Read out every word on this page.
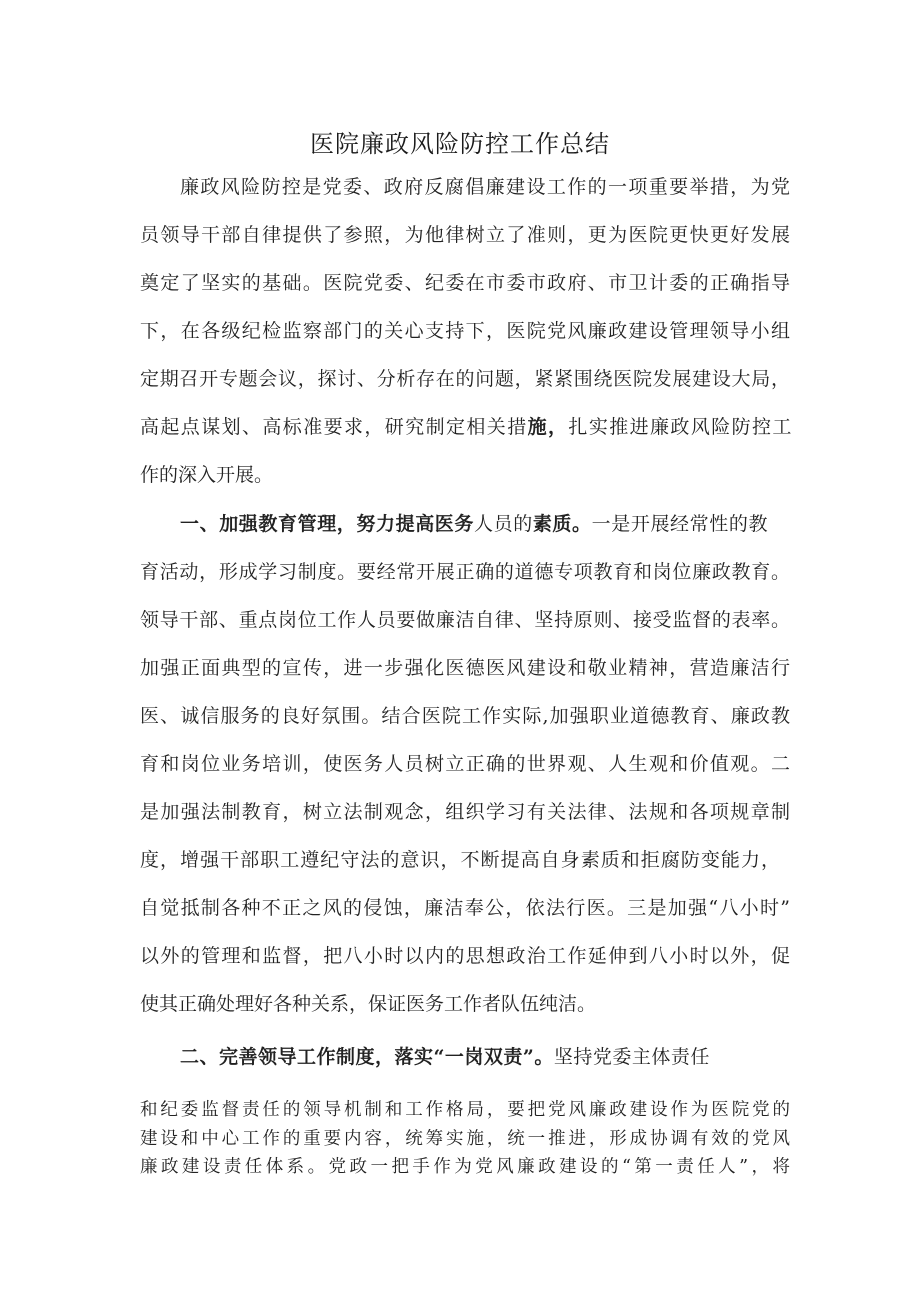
医院廉政风险防控工作总结
廉政风险防控是党委、政府反腐倡廉建设工作的一项重要举措，为党
员领导干部自律提供了参照，为他律树立了准则，更为医院更快更好发展
奠定了坚实的基础。医院党委、纪委在市委市政府、市卫计委的正确指导
下，在各级纪检监察部门的关心支持下，医院党风廉政建设管理领导小组
定期召开专题会议，探讨、分析存在的问题，紧紧围绕医院发展建设大局，
高起点谋划、高标准要求，研究制定相关措施，扎实推进廉政风险防控工
作的深入开展。
一、加强教育管理，努力提高医务人员的素质。一是开展经常性的教
育活动，形成学习制度。要经常开展正确的道德专项教育和岗位廉政教育。
领导干部、重点岗位工作人员要做廉洁自律、坚持原则、接受监督的表率。
加强正面典型的宣传，进一步强化医德医风建设和敬业精神，营造廉洁行
医、诚信服务的良好氛围。结合医院工作实际,加强职业道德教育、廉政教
育和岗位业务培训，使医务人员树立正确的世界观、人生观和价值观。二
是加强法制教育，树立法制观念，组织学习有关法律、法规和各项规章制
度，增强干部职工遵纪守法的意识，不断提高自身素质和拒腐防变能力，
自觉抵制各种不正之风的侵蚀，廉洁奉公，依法行医。三是加强“八小时”
以外的管理和监督，把八小时以内的思想政治工作延伸到八小时以外，促
使其正确处理好各种关系，保证医务工作者队伍纯洁。
二、完善领导工作制度，落实“一岗双责”。坚持党委主体责任
和纪委监督责任的领导机制和工作格局，要把党风廉政建设作为医院党的
建设和中心工作的重要内容，统筹实施，统一推进，形成协调有效的党风
廉政建设责任体系。党政一把手作为党风廉政建设的“第一责任人”，将
